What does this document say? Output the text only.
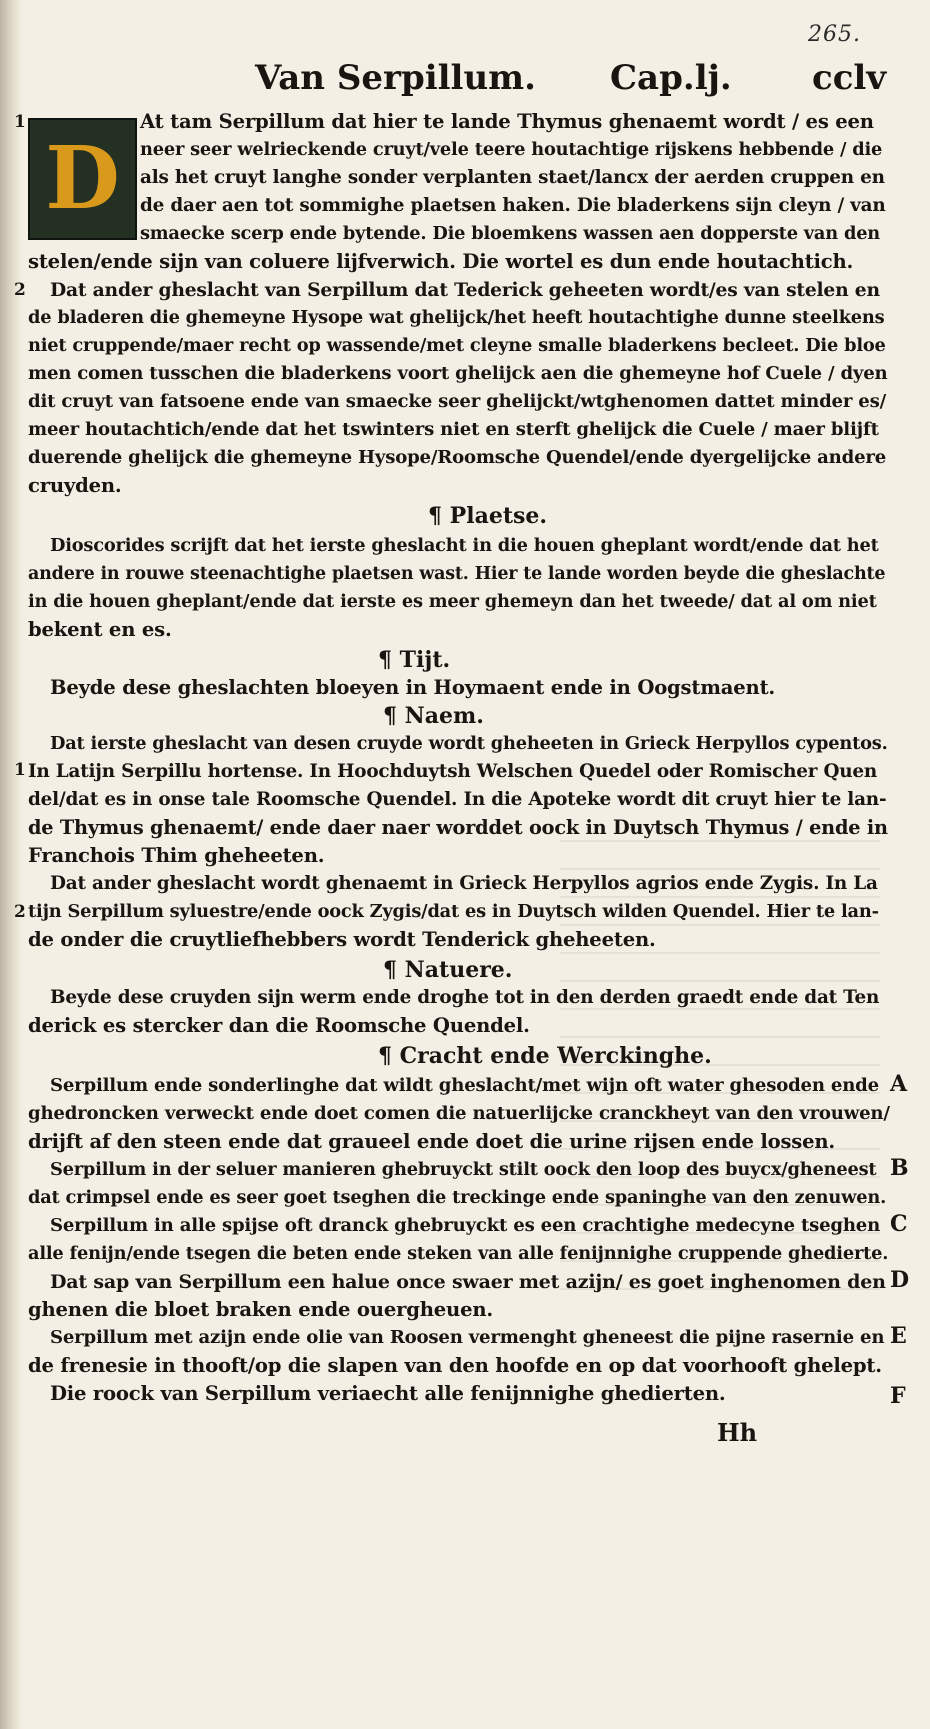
265.
Van Serpillum. Cap.lj. cclv
D
1	At tam Serpillum dat hier te lande Thymus ghenaemt wordt / es een
neer seer welrieckende cruyt/vele teere houtachtige rijskens hebbende / die
als het cruyt langhe sonder verplanten staet/lancx der aerden cruppen en
de daer aen tot sommighe plaetsen haken. Die bladerkens sijn cleyn / van
smaecke scerp ende bytende. Die bloemkens wassen aen dopperste van den
stelen/ende sijn van coluere lijfverwich. Die wortel es dun ende houtachtich.
2 Dat ander gheslacht van Serpillum dat Tederick geheeten wordt/es van stelen en
de bladeren die ghemeyne Hysope wat ghelijck/het heeft houtachtighe dunne steelkens
niet cruppende/maer recht op wassende/met cleyne smalle bladerkens becleet. Die bloe
men comen tusschen die bladerkens voort ghelijck aen die ghemeyne hof Cuele / dyen
dit cruyt van fatsoene ende van smaecke seer ghelijckt/wtghenomen dattet minder es/
meer houtachtich/ende dat het tswinters niet en sterft ghelijck die Cuele / maer blijft
duerende ghelijck die ghemeyne Hysope/Roomsche Quendel/ende dyergelijcke andere
cruyden.
¶ Plaetse.
Dioscorides scrijft dat het ierste gheslacht in die houen gheplant wordt/ende dat het
andere in rouwe steenachtighe plaetsen wast. Hier te lande worden beyde die gheslachte
in die houen gheplant/ende dat ierste es meer ghemeyn dan het tweede/ dat al om niet
bekent en es.
¶ Tijt.
Beyde dese gheslachten bloeyen in Hoymaent ende in Oogstmaent.
¶ Naem.
Dat ierste gheslacht van desen cruyde wordt gheheeten in Grieck Herpyllos cypentos.
1 In Latijn Serpillu hortense. In Hoochduytsh Welschen Quedel oder Romischer Quen
del/dat es in onse tale Roomsche Quendel. In die Apoteke wordt dit cruyt hier te lan-
de Thymus ghenaemt/ ende daer naer worddet oock in Duytsch Thymus / ende in
Franchois Thim gheheeten.
Dat ander gheslacht wordt ghenaemt in Grieck Herpyllos agrios ende Zygis. In La
2 tijn Serpillum syluestre/ende oock Zygis/dat es in Duytsch wilden Quendel. Hier te lan-
de onder die cruytliefhebbers wordt Tenderick gheheeten.
¶ Natuere.
Beyde dese cruyden sijn werm ende droghe tot in den derden graedt ende dat Ten
derick es stercker dan die Roomsche Quendel.
¶ Cracht ende Werckinghe.
Serpillum ende sonderlinghe dat wildt gheslacht/met wijn oft water ghesoden ende A
ghedroncken verweckt ende doet comen die natuerlijcke cranckheyt van den vrouwen/
drijft af den steen ende dat graueel ende doet die urine rijsen ende lossen.
Serpillum in der seluer manieren ghebruyckt stilt oock den loop des buycx/gheneest B
dat crimpsel ende es seer goet tseghen die treckinge ende spaninghe van den zenuwen.
Serpillum in alle spijse oft dranck ghebruyckt es een crachtighe medecyne tseghen C
alle fenijn/ende tsegen die beten ende steken van alle fenijnnighe cruppende ghedierte.
Dat sap van Serpillum een halue once swaer met azijn/ es goet inghenomen den D
ghenen die bloet braken ende ouergheuen.
Serpillum met azijn ende olie van Roosen vermenght gheneest die pijne rasernie en E
de frenesie in thooft/op die slapen van den hoofde en op dat voorhooft ghelept.
Die roock van Serpillum veriaecht alle fenijnnighe ghedierten.	F
Hh
